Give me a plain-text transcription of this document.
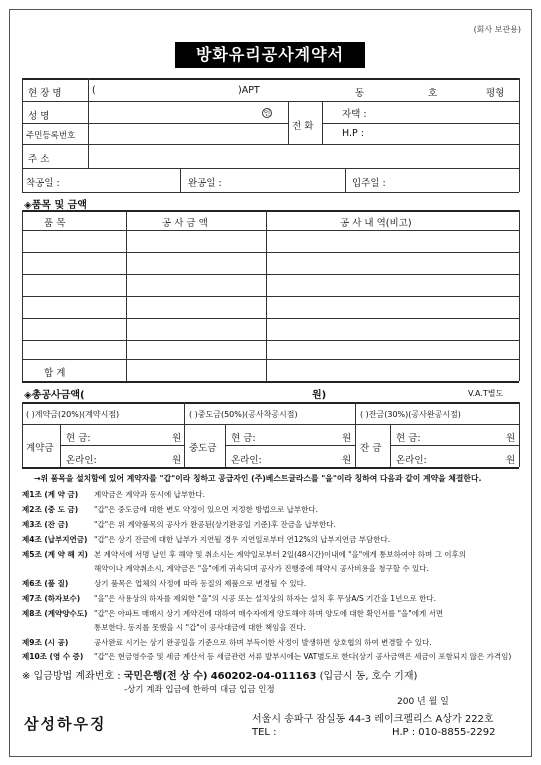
(회사 보관용)
방화유리공사계약서
현 장 명	(	)APT	동	호	평형
성 명	인
전 화
자택 :
H.P :
주민등록번호
주 소
착공일 :	완공일 :	입주일 :
◈품목 및 금액
품 목	공 사 금 액	공 사 내 역(비고)
합 계
◈총공사금액(	원)	V.A.T별도
( )계약금(20%)(계약시점)	( )중도금(50%)(공사착공시점)	( )잔금(30%)(공사완공시점)
계약금
현 금:	원
온라인:	원
중도금
현 금:	원
온라인:	원
잔 금
현 금:	원
온라인:	원
→위 품목을 설치함에 있어 계약자를 "갑"이라 칭하고 공급자인 (주)베스트글라스를 "을"이라 칭하여 다음과 같이 계약을 체결한다.
제1조 (계 약 금) 계약금은 계약과 동시에 납부한다.
제2조 (중 도 금) "갑"은 중도금에 대한 변도 약정이 있으면 지정한 방법으로 납부한다.
제3조 (잔 금)	"갑"은 위 계약품목의 공사가 완공된(상기완공일 기준)후 잔금을 납부한다.
제4조 (납부지연금) "갑"은 상기 잔금에 대한 납부가 지연될 경우 지연일로부터 연12%의 납부지연금 부담한다.
제5조 (계 약 해 지) 본 계약서에 서명 날인 후 해약 및 취소시는 계약일로부터 2일(48시간)이내에 "을"에게 통보하여야 하며 그 이후의
해약이나 계약취소시, 계약금은 "을"에게 귀속되며 공사가 진행중에 해약시 공사비용을 청구할 수 있다.
제6조 (품 질)	상기 품목은 업체의 사정에 따라 동질의 제품으로 변경될 수 있다.
제7조 (하자보수) "을"은 사용상의 하자를 제외한 "을"의 시공 또는 설치상의 하자는 설치 후 무상A/S 기간을 1년으로 한다.
제8조 (계약양수도) "갑"은 아파트 매매시 상기 계약건에 대하여 매수자에게 양도해야 하며 양도에 대한 확인서를 "을"에게 서면
통보한다. 동지를 못했을 시 "갑"이 공사대금에 대한 책임을 진다.
제9조 (시 공)	공사완료 시기는 상기 완공일을 기준으로 하며 부득이한 사정이 발생하면 상호협의 하여 변경할 수 있다.
제10조 (영 수 증) "갑"은 현금영수증 및 세금 계산서 등 세금관련 서류 발부시에는 VAT별도로 한다(상기 공사금액은 세금이 포함되지 않은 가격임)
※ 입금방법 계좌번호 : 국민은행(전 상 수) 460202-04-011163 (입금시 동, 호수 기재)
-상기 계좌 입금에 한하여 대금 입금 인정
200 년 월 일
삼성하우징	서울시 송파구 잠실동 44-3 레이크펠리스 A상가 222호
TEL :	H.P : 010-8855-2292
